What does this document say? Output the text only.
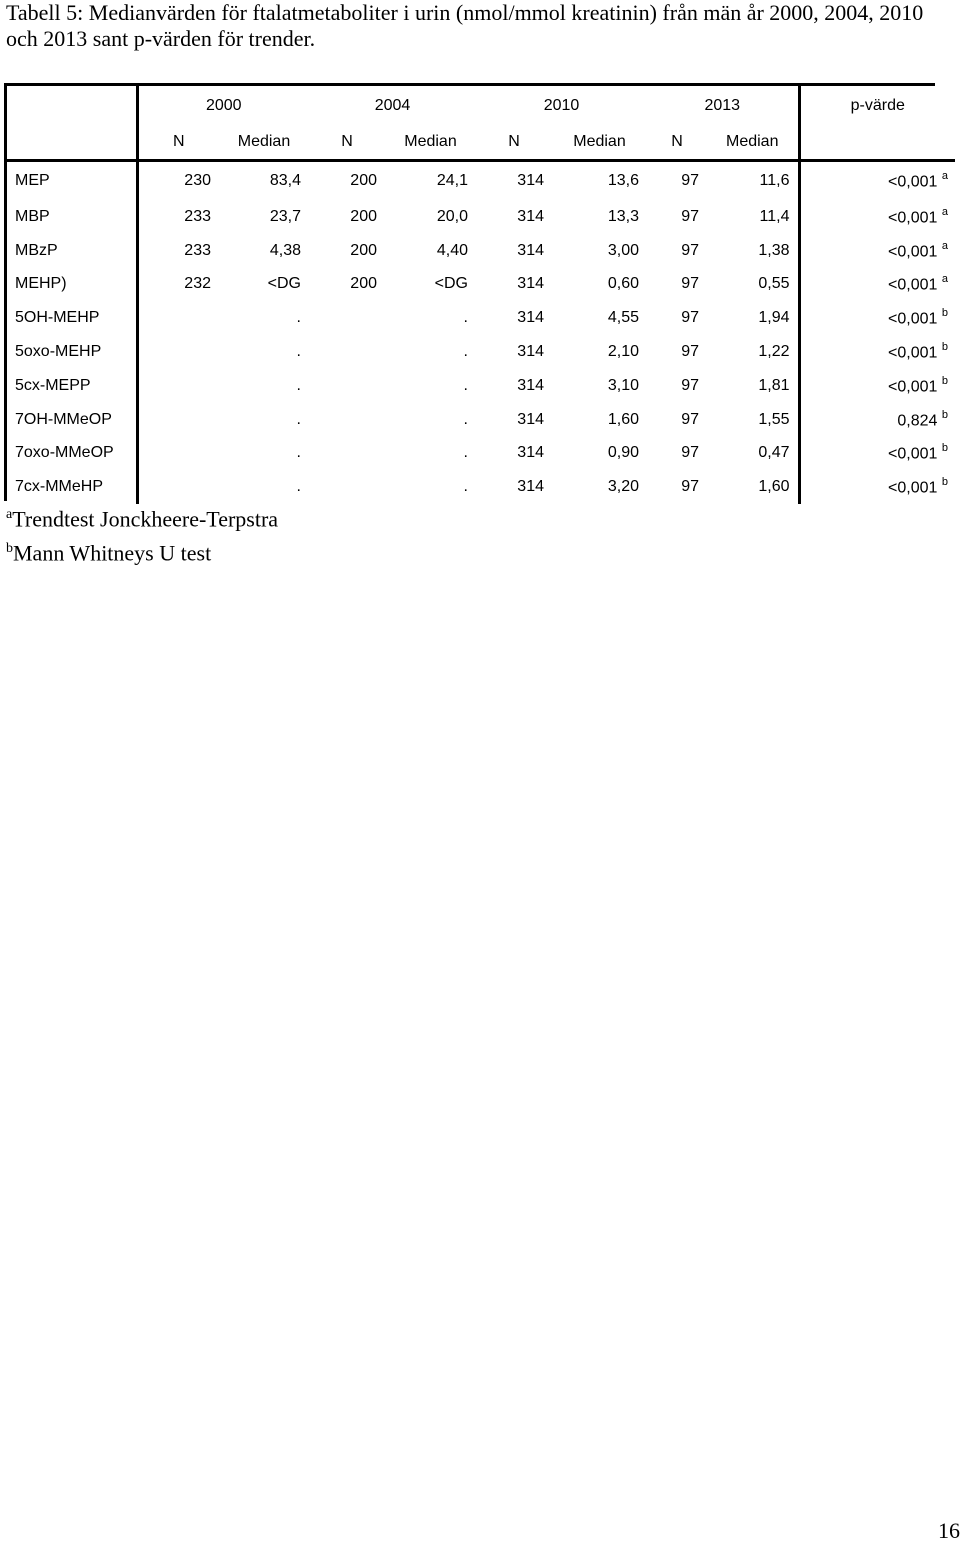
Tabell 5: Medianvärden för ftalatmetaboliter i urin (nmol/mmol kreatinin) från män år 2000, 2004, 2010 och 2013 sant p-värden för trender.
	2000		2004		2010		2013		p-värde
	N	Median	N	Median	N	Median	N	Median	
MEP	230	83,4	200	24,1	314	13,6	97	11,6	<0,001 $^a$
MBP	233	23,7	200	20,0	314	13,3	97	11,4	<0,001 $^a$
MBzP	233	4,38	200	4,40	314	3,00	97	1,38	<0,001 $^a$
MEHP)	232	<DG	200	<DG	314	0,60	97	0,55	<0,001 $^a$
5OH-MEHP		.		.	314	4,55	97	1,94	<0,001 $^b$
5oxo-MEHP		.		.	314	2,10	97	1,22	<0,001 $^b$
5cx-MEPP		.		.	314	3,10	97	1,81	<0,001 $^b$
7OH-MMeOP		.		.	314	1,60	97	1,55	0,824 $^b$
7oxo-MMeOP		.		.	314	0,90	97	0,47	<0,001 $^b$
7cx-MMeHP		.		.	314	3,20	97	1,60	<0,001 $^b$
$^a$Trendtest Jonckheere-Terpstra
$^b$Mann Whitneys U test
16
